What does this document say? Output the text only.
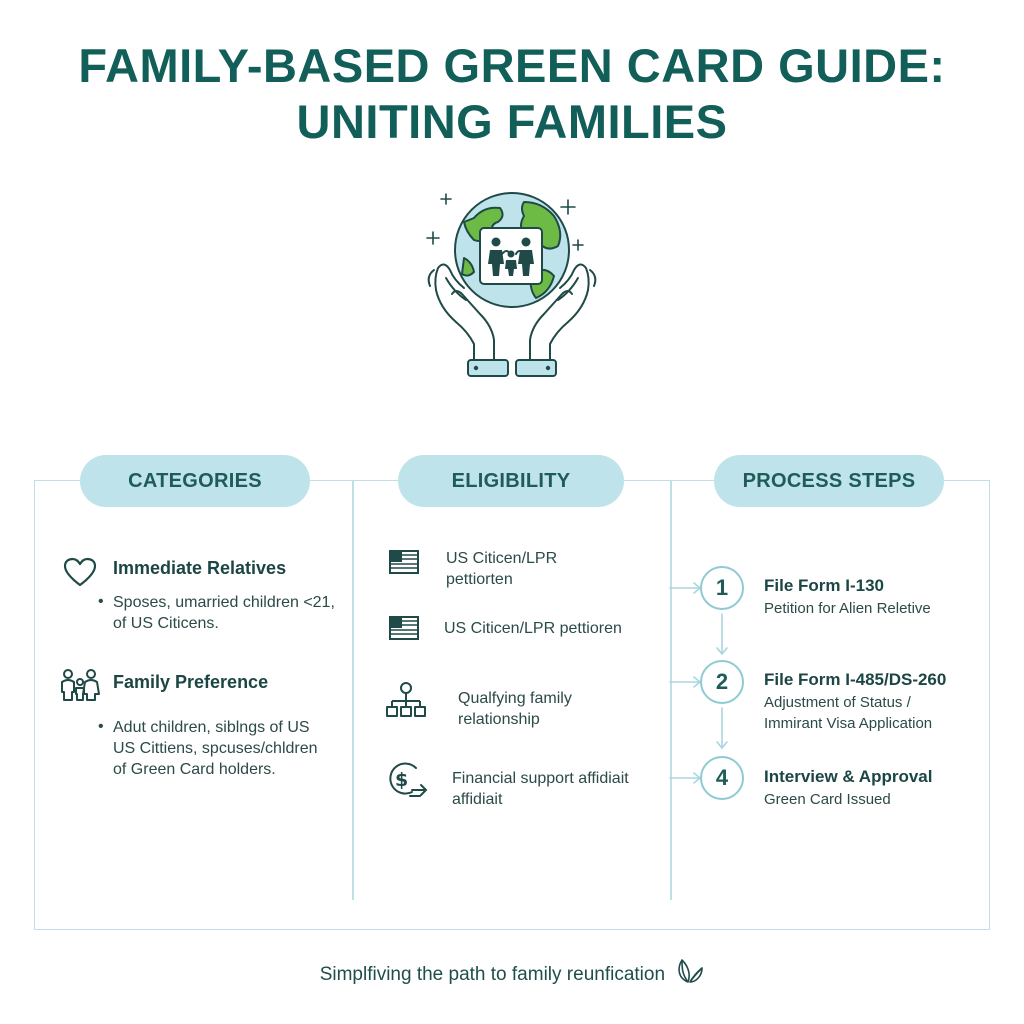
FAMILY-BASED GREEN CARD GUIDE:
UNITING FAMILIES
CATEGORIES	ELIGIBILITY	PROCESS STEPS
Immediate Relatives
• Sposes, umarried children <21,
of US Citicens.
Family Preference
• Adut children, siblngs of US
US Cittiens, spcuses/chldren
of Green Card holders.
US Citicen/LPR
pettiorten
US Citicen/LPR pettioren
Qualfying family
relationship
$	Financial support affidiait
affidiait
1	File Form I-130
Petition for Alien Reletive
2	File Form I-485/DS-260
Adjustment of Status /
Immirant Visa Application
4	Interview & Approval
Green Card Issued
Simplfiving the path to family reunfication
